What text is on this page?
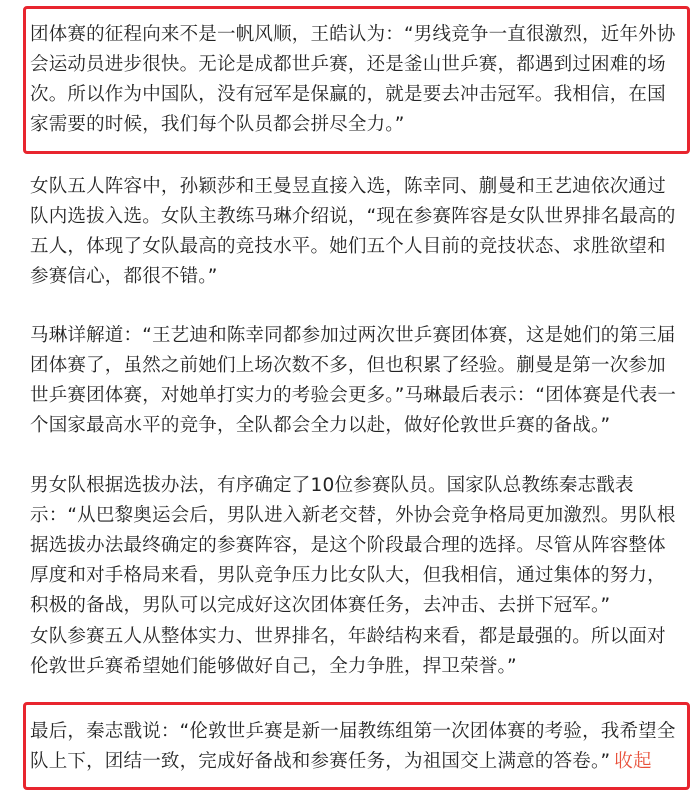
团体赛的征程向来不是一帆风顺，王皓认为：“男线竞争一直很激烈，近年外协会运动员进步很快。无论是成都世乒赛，还是釜山世乒赛，都遇到过困难的场次。所以作为中国队，没有冠军是保赢的，就是要去冲击冠军。我相信，在国家需要的时候，我们每个队员都会拼尽全力。”

女队五人阵容中，孙颖莎和王曼昱直接入选，陈幸同、蒯曼和王艺迪依次通过队内选拔入选。女队主教练马琳介绍说，“现在参赛阵容是女队世界排名最高的五人，体现了女队最高的竞技水平。她们五个人目前的竞技状态、求胜欲望和参赛信心，都很不错。”

马琳详解道：“王艺迪和陈幸同都参加过两次世乒赛团体赛，这是她们的第三届团体赛了，虽然之前她们上场次数不多，但也积累了经验。蒯曼是第一次参加世乒赛团体赛，对她单打实力的考验会更多。”马琳最后表示：“团体赛是代表一个国家最高水平的竞争，全队都会全力以赴，做好伦敦世乒赛的备战。”

男女队根据选拔办法，有序确定了10位参赛队员。国家队总教练秦志戬表示：“从巴黎奥运会后，男队进入新老交替，外协会竞争格局更加激烈。男队根据选拔办法最终确定的参赛阵容，是这个阶段最合理的选择。尽管从阵容整体厚度和对手格局来看，男队竞争压力比女队大，但我相信，通过集体的努力，积极的备战，男队可以完成好这次团体赛任务，去冲击、去拼下冠军。”

女队参赛五人从整体实力、世界排名，年龄结构来看，都是最强的。所以面对伦敦世乒赛希望她们能够做好自己，全力争胜，捍卫荣誉。”

最后，秦志戬说：“伦敦世乒赛是新一届教练组第一次团体赛的考验，我希望全队上下，团结一致，完成好备战和参赛任务，为祖国交上满意的答卷。” 收起
